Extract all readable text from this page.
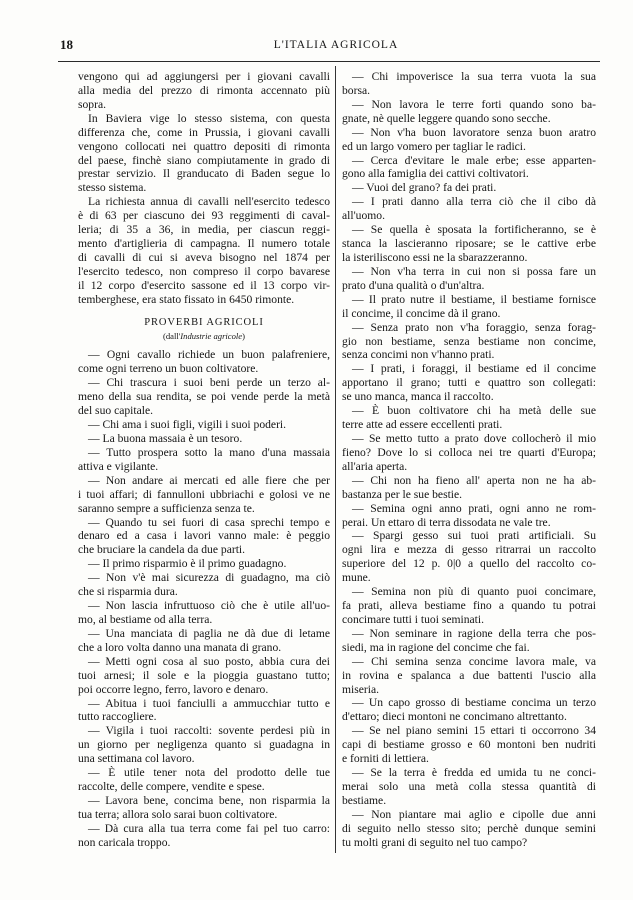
18	L'ITALIA AGRICOLA
vengono qui ad aggiungersi per i giovani cavalli
alla media del prezzo di rimonta accennato più
sopra.
In Baviera vige lo stesso sistema, con questa
differenza che, come in Prussia, i giovani cavalli
vengono collocati nei quattro depositi di rimonta
del paese, finchè siano compiutamente in grado di
prestar servizio. Il granducato di Baden segue lo
stesso sistema.
La richiesta annua di cavalli nell'esercito tedesco
è di 63 per ciascuno dei 93 reggimenti di caval-
leria; di 35 a 36, in media, per ciascun reggi-
mento d'artiglieria di campagna. Il numero totale
di cavalli di cui si aveva bisogno nel 1874 per
l'esercito tedesco, non compreso il corpo bavarese
il 12 corpo d'esercito sassone ed il 13 corpo vir-
temberghese, era stato fissato in 6450 rimonte.
PROVERBI AGRICOLI
(dall'Industrie agricole)
— Ogni cavallo richiede un buon palafreniere,
come ogni terreno un buon coltivatore.
— Chi trascura i suoi beni perde un terzo al-
meno della sua rendita, se poi vende perde la metà
del suo capitale.
— Chi ama i suoi figli, vigili i suoi poderi.
— La buona massaia è un tesoro.
— Tutto prospera sotto la mano d'una massaia
attiva e vigilante.
— Non andare ai mercati ed alle fiere che per
i tuoi affari; di fannulloni ubbriachi e golosi ve ne
saranno sempre a sufficienza senza te.
— Quando tu sei fuori di casa sprechi tempo e
denaro ed a casa i lavori vanno male: è peggio
che bruciare la candela da due parti.
— Il primo risparmio è il primo guadagno.
— Non v'è mai sicurezza di guadagno, ma ciò
che si risparmia dura.
— Non lascia infruttuoso ciò che è utile all'uo-
mo, al bestiame od alla terra.
— Una manciata di paglia ne dà due di letame
che a loro volta danno una manata di grano.
— Metti ogni cosa al suo posto, abbia cura dei
tuoi arnesi; il sole e la pioggia guastano tutto;
poi occorre legno, ferro, lavoro e denaro.
— Abitua i tuoi fanciulli a ammucchiar tutto e
tutto raccogliere.
— Vigila i tuoi raccolti: sovente perdesi più in
un giorno per negligenza quanto si guadagna in
una settimana col lavoro.
— È utile tener nota del prodotto delle tue
raccolte, delle compere, vendite e spese.
— Lavora bene, concima bene, non risparmia la
tua terra; allora solo sarai buon coltivatore.
— Dà cura alla tua terra come fai pel tuo carro:
non caricala troppo.
— Chi impoverisce la sua terra vuota la sua
borsa.
— Non lavora le terre forti quando sono ba-
gnate, nè quelle leggere quando sono secche.
— Non v'ha buon lavoratore senza buon aratro
ed un largo vomero per tagliar le radici.
— Cerca d'evitare le male erbe; esse apparten-
gono alla famiglia dei cattivi coltivatori.
— Vuoi del grano? fa dei prati.
— I prati danno alla terra ciò che il cibo dà
all'uomo.
— Se quella è sposata la fortificheranno, se è
stanca la lascieranno riposare; se le cattive erbe
la isteriliscono essi ne la sbarazzeranno.
— Non v'ha terra in cui non si possa fare un
prato d'una qualità o d'un'altra.
— Il prato nutre il bestiame, il bestiame fornisce
il concime, il concime dà il grano.
— Senza prato non v'ha foraggio, senza forag-
gio non bestiame, senza bestiame non concime,
senza concimi non v'hanno prati.
— I prati, i foraggi, il bestiame ed il concime
apportano il grano; tutti e quattro son collegati:
se uno manca, manca il raccolto.
— È buon coltivatore chi ha metà delle sue
terre atte ad essere eccellenti prati.
— Se metto tutto a prato dove collocherò il mio
fieno? Dove lo si colloca nei tre quarti d'Europa;
all'aria aperta.
— Chi non ha fieno all' aperta non ne ha ab-
bastanza per le sue bestie.
— Semina ogni anno prati, ogni anno ne rom-
perai. Un ettaro di terra dissodata ne vale tre.
— Spargi gesso sui tuoi prati artificiali. Su
ogni lira e mezza di gesso ritrarrai un raccolto
superiore del 12 p. 0|0 a quello del raccolto co-
mune.
— Semina non più di quanto puoi concimare,
fa prati, alleva bestiame fino a quando tu potrai
concimare tutti i tuoi seminati.
— Non seminare in ragione della terra che pos-
siedi, ma in ragione del concime che fai.
— Chi semina senza concime lavora male, va
in rovina e spalanca a due battenti l'uscio alla
miseria.
— Un capo grosso di bestiame concima un terzo
d'ettaro; dieci montoni ne concimano altrettanto.
— Se nel piano semini 15 ettari ti occorrono 34
capi di bestiame grosso e 60 montoni ben nudriti
e forniti di lettiera.
— Se la terra è fredda ed umida tu ne conci-
merai solo una metà colla stessa quantità di
bestiame.
— Non piantare mai aglio e cipolle due anni
di seguito nello stesso sito; perchè dunque semini
tu molti grani di seguito nel tuo campo?
